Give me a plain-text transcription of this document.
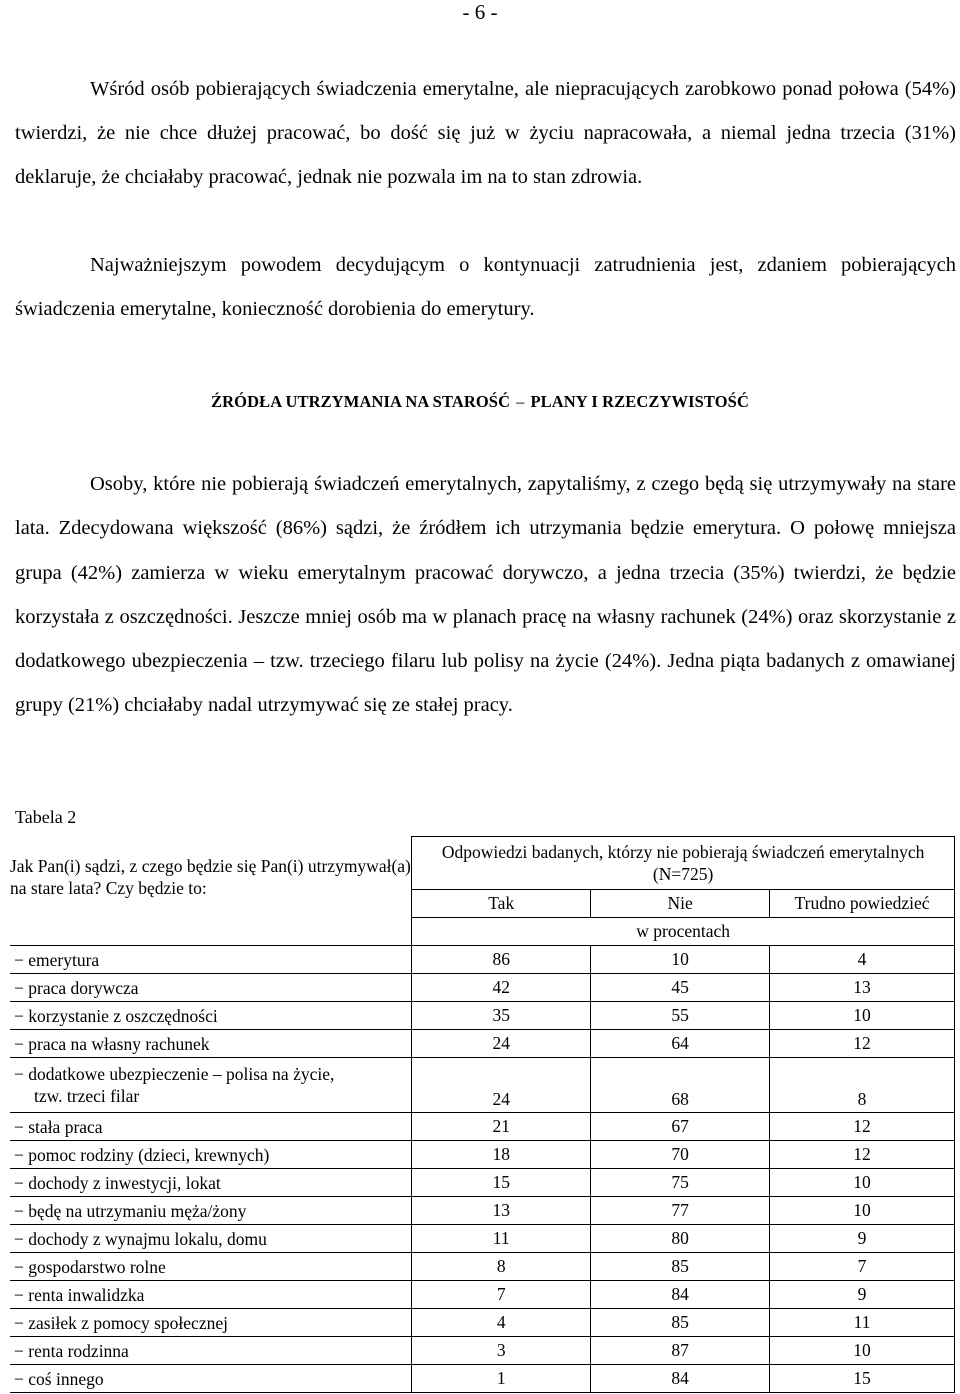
- 6 -

Wśród osób pobierających świadczenia emerytalne, ale niepracujących zarobkowo ponad połowa (54%) twierdzi, że nie chce dłużej pracować, bo dość się już w życiu napracowała, a niemal jedna trzecia (31%) deklaruje, że chciałaby pracować, jednak nie pozwala im na to stan zdrowia.

Najważniejszym powodem decydującym o kontynuacji zatrudnienia jest, zdaniem pobierających świadczenia emerytalne, konieczność dorobienia do emerytury.

ŹRÓDŁA UTRZYMANIA NA STAROŚĆ – PLANY I RZECZYWISTOŚĆ

Osoby, które nie pobierają świadczeń emerytalnych, zapytaliśmy, z czego będą się utrzymywały na stare lata. Zdecydowana większość (86%) sądzi, że źródłem ich utrzymania będzie emerytura. O połowę mniejsza grupa (42%) zamierza w wieku emerytalnym pracować dorywczo, a jedna trzecia (35%) twierdzi, że będzie korzystała z oszczędności. Jeszcze mniej osób ma w planach pracę na własny rachunek (24%) oraz skorzystanie z dodatkowego ubezpieczenia – tzw. trzeciego filaru lub polisy na życie (24%). Jedna piąta badanych z omawianej grupy (21%) chciałaby nadal utrzymywać się ze stałej pracy.

Tabela 2
Jak Pan(i) sądzi, z czego będzie się Pan(i) utrzymywał(a) na stare lata? Czy będzie to:	Odpowiedzi badanych, którzy nie pobierają świadczeń emerytalnych (N=725)		
	Tak	Nie	Trudno powiedzieć
	w procentach		

− emerytura	86	10	4

− praca dorywcza	42	45	13

− korzystanie z oszczędności	35	55	10

− praca na własny rachunek	24	64	12

− dodatkowe ubezpieczenie – polisa na życie,
tzw. trzeci filar	24	68	8

− stała praca	21	67	12

− pomoc rodziny (dzieci, krewnych)	18	70	12

− dochody z inwestycji, lokat	15	75	10

− będę na utrzymaniu męża/żony	13	77	10

− dochody z wynajmu lokalu, domu	11	80	9

− gospodarstwo rolne	8	85	7

− renta inwalidzka	7	84	9

− zasiłek z pomocy społecznej	4	85	11

− renta rodzinna	3	87	10

− coś innego	1	84	15
